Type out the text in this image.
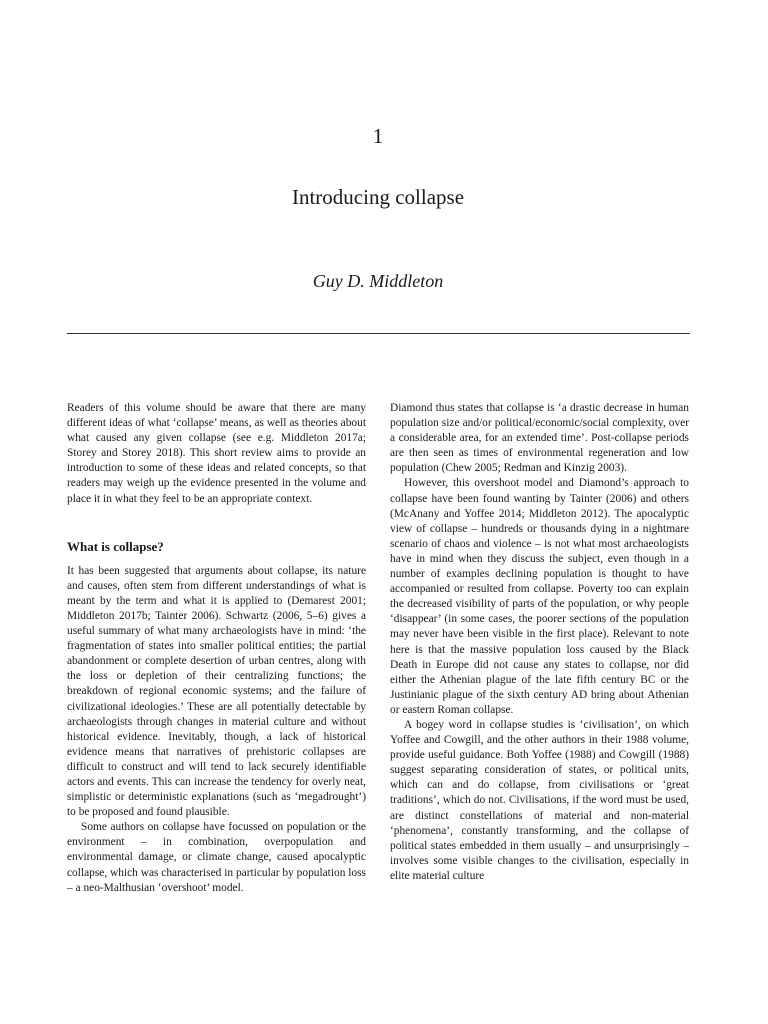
1
Introducing collapse
Guy D. Middleton

Readers of this volume should be aware that there are many different ideas of what ‘collapse’ means, as well as theories about what caused any given collapse (see e.g. Middleton 2017a; Storey and Storey 2018). This short review aims to provide an introduction to some of these ideas and related concepts, so that readers may weigh up the evidence presented in the volume and place it in what they feel to be an appropriate context.

What is collapse?

It has been suggested that arguments about collapse, its nature and causes, often stem from different understandings of what is meant by the term and what it is applied to (Demarest 2001; Middleton 2017b; Tainter 2006). Schwartz (2006, 5–6) gives a useful summary of what many archaeologists have in mind: ‘the fragmentation of states into smaller political entities; the partial abandonment or complete desertion of urban centres, along with the loss or depletion of their centralizing functions; the breakdown of regional economic systems; and the failure of civilizational ideologies.’ These are all potentially detectable by archaeologists through changes in material culture and without historical evidence. Inevitably, though, a lack of historical evidence means that narratives of prehistoric collapses are difficult to construct and will tend to lack securely identifiable actors and events. This can increase the tendency for overly neat, simplistic or deterministic explanations (such as ‘megadrought’) to be proposed and found plausible.

Some authors on collapse have focussed on population or the environment – in combination, overpopulation and environmental damage, or climate change, caused apocalyptic collapse, which was characterised in particular by population loss – a neo-Malthusian ‘overshoot’ model.

Diamond thus states that collapse is ‘a drastic decrease in human population size and/or political/economic/social complexity, over a considerable area, for an extended time’. Post-collapse periods are then seen as times of environmental regeneration and low population (Chew 2005; Redman and Kinzig 2003).

However, this overshoot model and Diamond’s approach to collapse have been found wanting by Tainter (2006) and others (McAnany and Yoffee 2014; Middleton 2012). The apocalyptic view of collapse – hundreds or thousands dying in a nightmare scenario of chaos and violence – is not what most archaeologists have in mind when they discuss the subject, even though in a number of examples declining population is thought to have accompanied or resulted from collapse. Poverty too can explain the decreased visibility of parts of the population, or why people ‘disappear’ (in some cases, the poorer sections of the population may never have been visible in the first place). Relevant to note here is that the massive population loss caused by the Black Death in Europe did not cause any states to collapse, nor did either the Athenian plague of the late fifth century BC or the Justinianic plague of the sixth century AD bring about Athenian or eastern Roman collapse.

A bogey word in collapse studies is ‘civilisation’, on which Yoffee and Cowgill, and the other authors in their 1988 volume, provide useful guidance. Both Yoffee (1988) and Cowgill (1988) suggest separating consideration of states, or political units, which can and do collapse, from civilisations or ‘great traditions’, which do not. Civilisations, if the word must be used, are distinct constellations of material and non-material ‘phenomena’, constantly transforming, and the collapse of political states embedded in them usually – and unsurprisingly – involves some visible changes to the civilisation, especially in elite material culture
